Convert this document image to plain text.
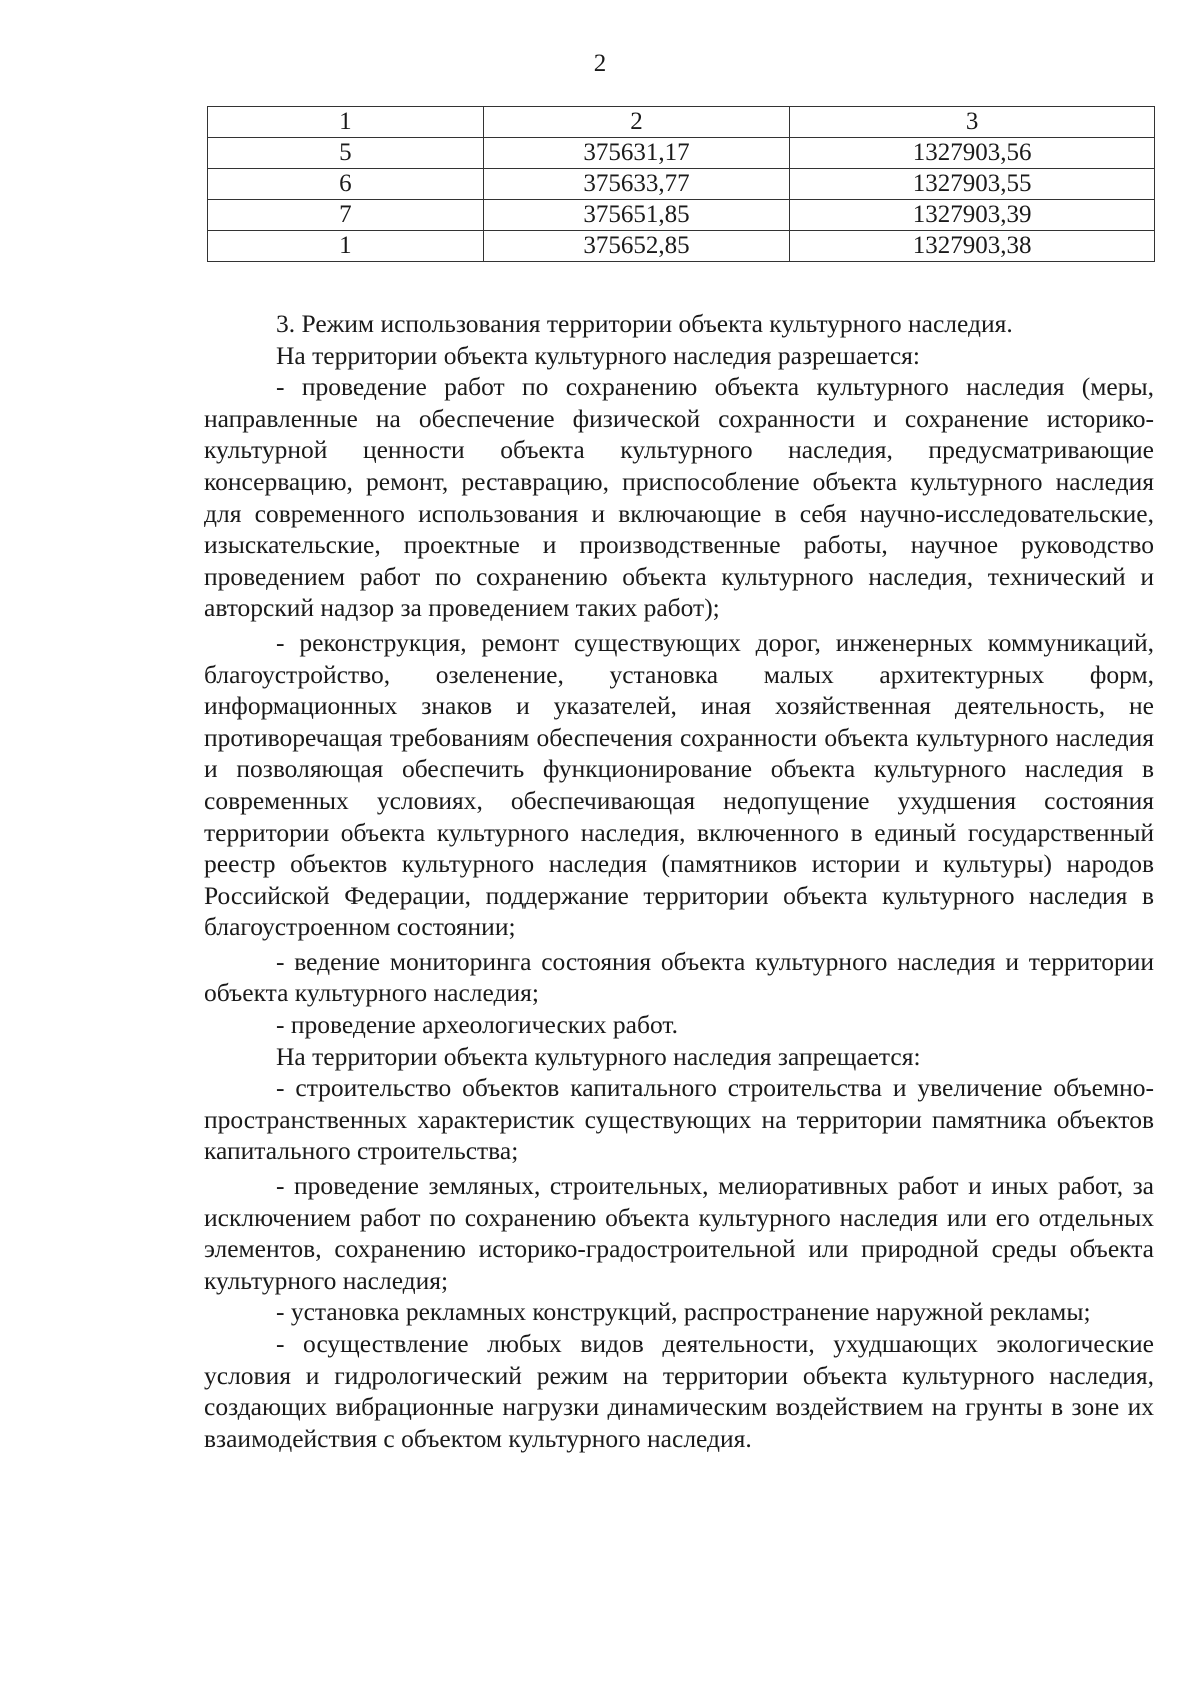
2
1	2	3
5	375631,17	1327903,56
6	375633,77	1327903,55
7	375651,85	1327903,39
1	375652,85	1327903,38

3. Режим использования территории объекта культурного наследия.

На территории объекта культурного наследия разрешается:

- проведение работ по сохранению объекта культурного наследия (меры, направленные на обеспечение физической сохранности и сохранение историко-культурной ценности объекта культурного наследия, предусматривающие консервацию, ремонт, реставрацию, приспособление объекта культурного наследия для современного использования и включающие в себя научно-исследовательские, изыскательские, проектные и производственные работы, научное руководство проведением работ по сохранению объекта культурного наследия, технический и авторский надзор за проведением таких работ);

- реконструкция, ремонт существующих дорог, инженерных коммуникаций, благоустройство, озеленение, установка малых архитектурных форм, информационных знаков и указателей, иная хозяйственная деятельность, не противоречащая требованиям обеспечения сохранности объекта культурного наследия и позволяющая обеспечить функционирование объекта культурного наследия в современных условиях, обеспечивающая недопущение ухудшения состояния территории объекта культурного наследия, включенного в единый государственный реестр объектов культурного наследия (памятников истории и культуры) народов Российской Федерации, поддержание территории объекта культурного наследия в благоустроенном состоянии;

- ведение мониторинга состояния объекта культурного наследия и территории объекта культурного наследия;

- проведение археологических работ.

На территории объекта культурного наследия запрещается:

- строительство объектов капитального строительства и увеличение объемно-пространственных характеристик существующих на территории памятника объектов капитального строительства;

- проведение земляных, строительных, мелиоративных работ и иных работ, за исключением работ по сохранению объекта культурного наследия или его отдельных элементов, сохранению историко-градостроительной или природной среды объекта культурного наследия;

- установка рекламных конструкций, распространение наружной рекламы;

- осуществление любых видов деятельности, ухудшающих экологические условия и гидрологический режим на территории объекта культурного наследия, создающих вибрационные нагрузки динамическим воздействием на грунты в зоне их взаимодействия с объектом культурного наследия.
